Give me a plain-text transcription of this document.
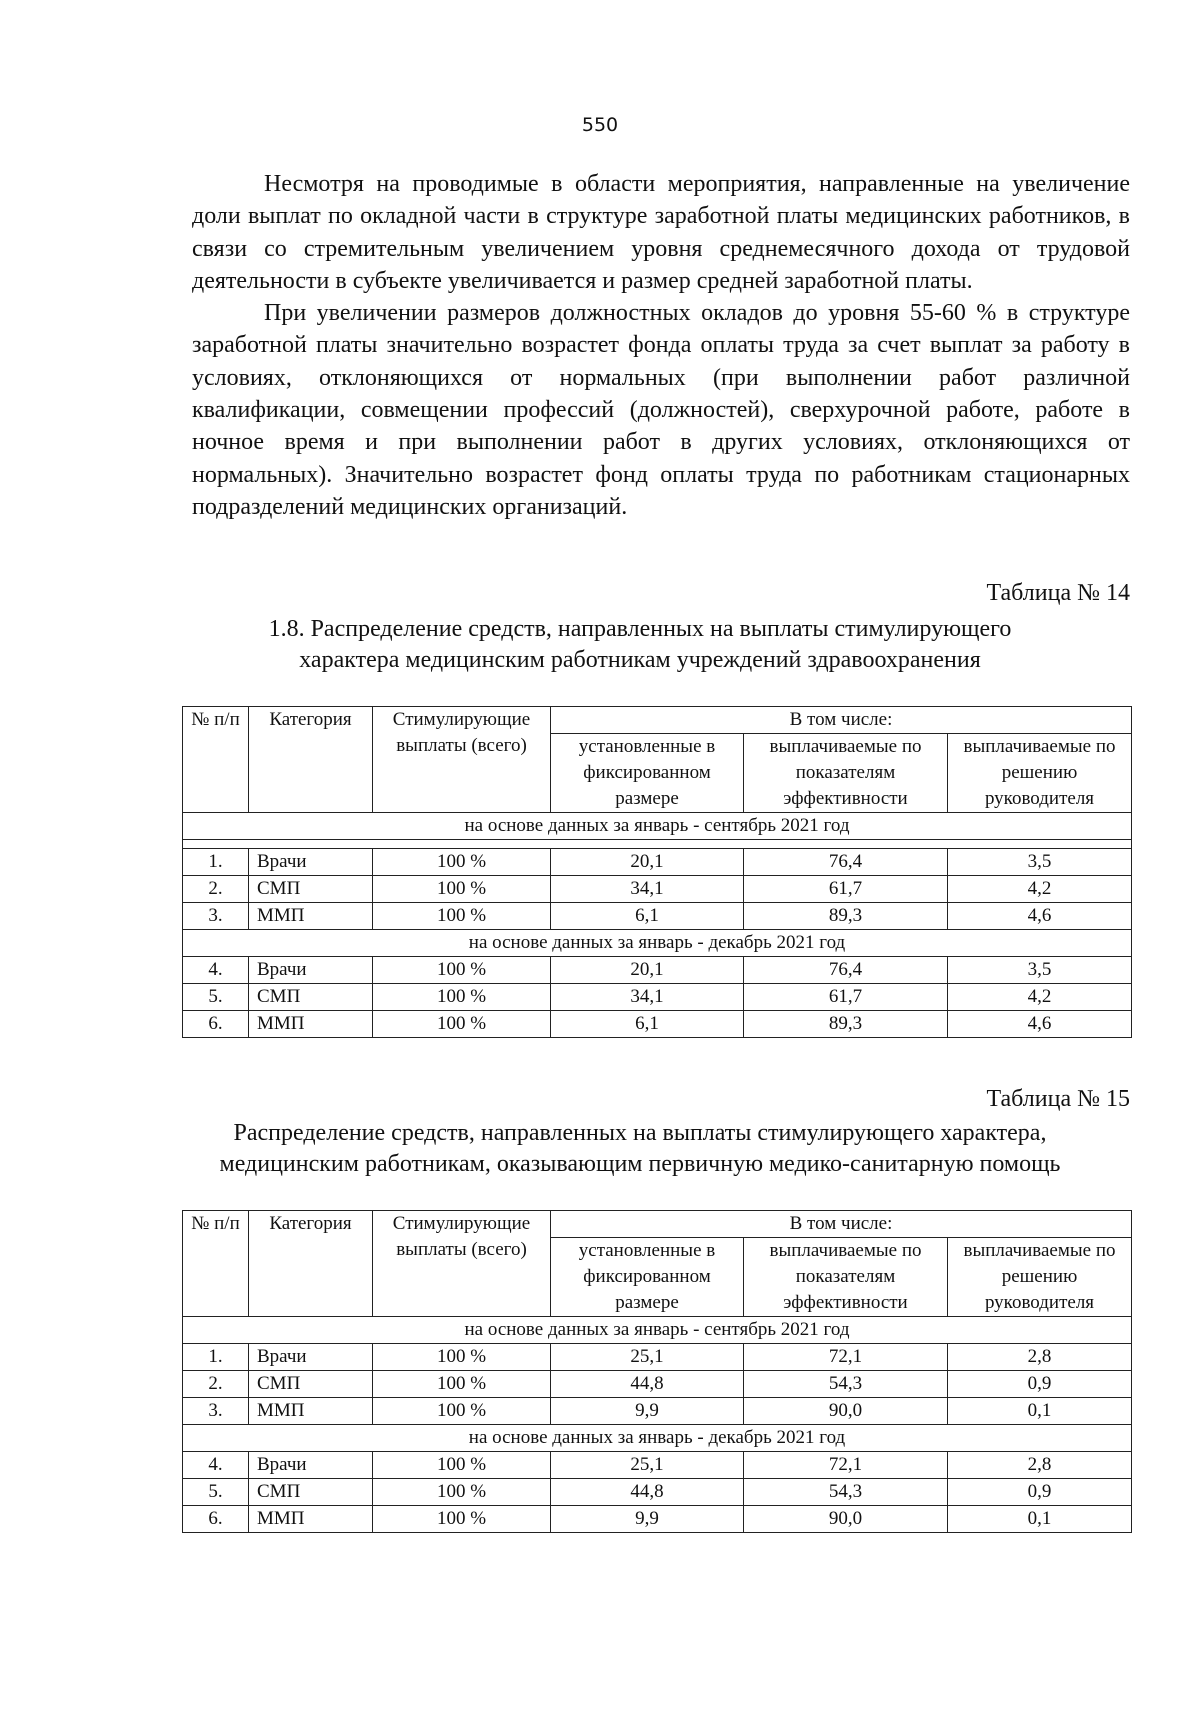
550

Несмотря на проводимые в области мероприятия, направленные на увеличение доли выплат по окладной части в структуре заработной платы медицинских работников, в связи со стремительным увеличением уровня среднемесячного дохода от трудовой деятельности в субъекте увеличивается и размер средней заработной платы.

При увеличении размеров должностных окладов до уровня 55-60 % в структуре заработной платы значительно возрастет фонда оплаты труда за счет выплат за работу в условиях, отклоняющихся от нормальных (при выполнении работ различной квалификации, совмещении профессий (должностей), сверхурочной работе, работе в ночное время и при выполнении работ в других условиях, отклоняющихся от нормальных). Значительно возрастет фонд оплаты труда по работникам стационарных подразделений медицинских организаций.

Таблица № 14
1.8. Распределение средств, направленных на выплаты стимулирующего
характера медицинским работникам учреждений здравоохранения
№ п/п	Категория	Стимулирующие выплаты (всего)	В том числе:		
			установленные в фиксированном размере	выплачиваемые по показателям эффективности	выплачиваемые по решению руководителя
на основе данных за январь - сентябрь 2021 год					

1.	Врачи	100 %	20,1	76,4	3,5
2.	СМП	100 %	34,1	61,7	4,2
3.	ММП	100 %	6,1	89,3	4,6
на основе данных за январь - декабрь 2021 год					
4.	Врачи	100 %	20,1	76,4	3,5
5.	СМП	100 %	34,1	61,7	4,2
6.	ММП	100 %	6,1	89,3	4,6
Таблица № 15
Распределение средств, направленных на выплаты стимулирующего характера,
медицинским работникам, оказывающим первичную медико-санитарную помощь
№ п/п	Категория	Стимулирующие выплаты (всего)	В том числе:		
			установленные в фиксированном размере	выплачиваемые по показателям эффективности	выплачиваемые по решению руководителя
на основе данных за январь - сентябрь 2021 год					
1.	Врачи	100 %	25,1	72,1	2,8
2.	СМП	100 %	44,8	54,3	0,9
3.	ММП	100 %	9,9	90,0	0,1
на основе данных за январь - декабрь 2021 год					
4.	Врачи	100 %	25,1	72,1	2,8
5.	СМП	100 %	44,8	54,3	0,9
6.	ММП	100 %	9,9	90,0	0,1
